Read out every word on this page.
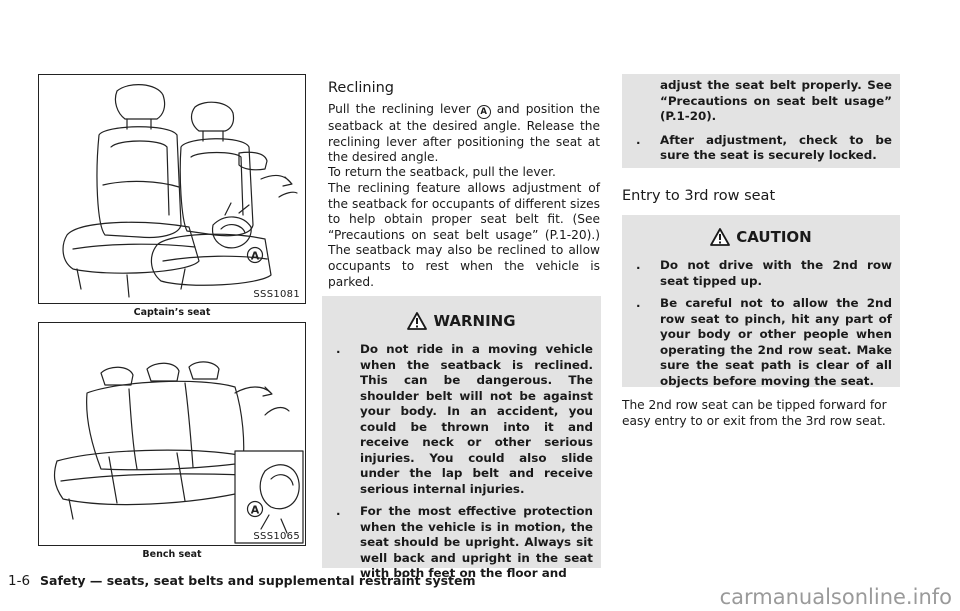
A
SSS1081
Captain’s seat
A
SSS1065
Bench seat
Reclining

Pull the reclining lever A and position the seatback at the desired angle. Release the reclining lever after positioning the seat at the desired angle.

To return the seatback, pull the lever.

The reclining feature allows adjustment of the seatback for occupants of different sizes to help obtain proper seat belt fit. (See “Precautions on seat belt usage” (P.1-20).) The seatback may also be reclined to allow occupants to rest when the vehicle is parked.

WARNING
. Do not ride in a moving vehicle when the seatback is reclined. This can be dangerous. The shoulder belt will not be against your body. In an accident, you could be thrown into it and receive neck or other serious injuries. You could also slide under the lap belt and receive serious internal injuries.
. For the most effective protection when the vehicle is in motion, the seat should be upright. Always sit well back and upright in the seat with both feet on the floor and
adjust the seat belt properly. See “Precautions on seat belt usage” (P.1-20).
. After adjustment, check to be sure the seat is securely locked.
Entry to 3rd row seat
CAUTION
. Do not drive with the 2nd row seat tipped up.
. Be careful not to allow the 2nd row seat to pinch, hit any part of your body or other people when operating the 2nd row seat. Make sure the seat path is clear of all objects before moving the seat.

The 2nd row seat can be tipped forward for easy entry to or exit from the 3rd row seat.

1-6 Safety — seats, seat belts and supplemental restraint system
carmanualsonline.info
